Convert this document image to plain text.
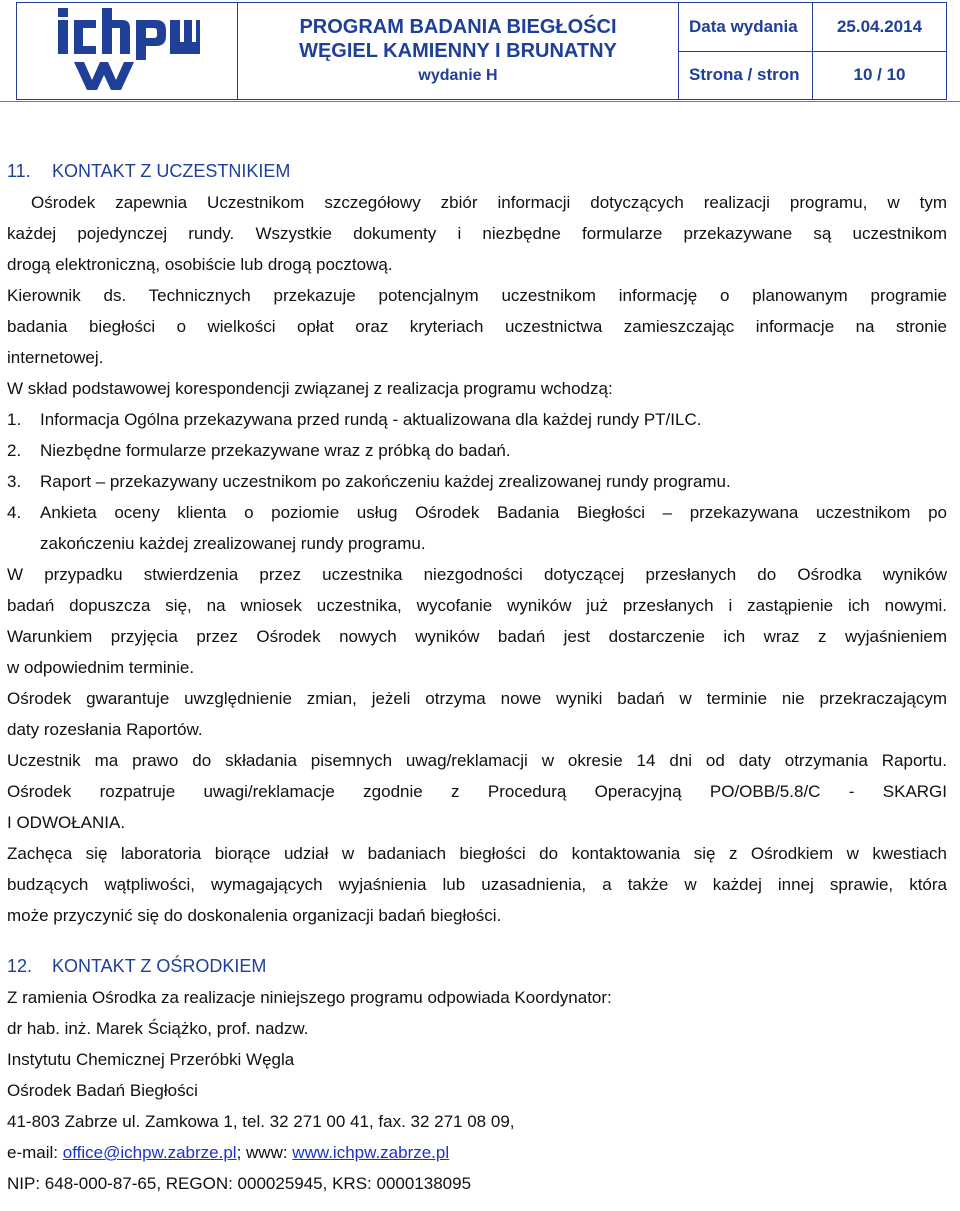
PROGRAM BADANIA BIEGŁOŚCI
WĘGIEL KAMIENNY I BRUNATNY
wydanie H	Data wydania	25.04.2014
		Strona / stron	10 / 10
11. KONTAKT Z UCZESTNIKIEM
Ośrodek zapewnia Uczestnikom szczegółowy zbiór informacji dotyczących realizacji programu, w tym
każdej pojedynczej rundy. Wszystkie dokumenty i niezbędne formularze przekazywane są uczestnikom
drogą elektroniczną, osobiście lub drogą pocztową.
Kierownik ds. Technicznych przekazuje potencjalnym uczestnikom informację o planowanym programie
badania biegłości o wielkości opłat oraz kryteriach uczestnictwa zamieszczając informacje na stronie
internetowej.
W skład podstawowej korespondencji związanej z realizacja programu wchodzą:
1. Informacja Ogólna przekazywana przed rundą - aktualizowana dla każdej rundy PT/ILC.
2. Niezbędne formularze przekazywane wraz z próbką do badań.
3. Raport – przekazywany uczestnikom po zakończeniu każdej zrealizowanej rundy programu.
4.	Ankieta oceny klienta o poziomie usług Ośrodek Badania Biegłości – przekazywana uczestnikom po
zakończeniu każdej zrealizowanej rundy programu.
W przypadku stwierdzenia przez uczestnika niezgodności dotyczącej przesłanych do Ośrodka wyników
badań dopuszcza się, na wniosek uczestnika, wycofanie wyników już przesłanych i zastąpienie ich nowymi.
Warunkiem przyjęcia przez Ośrodek nowych wyników badań jest dostarczenie ich wraz z wyjaśnieniem
w odpowiednim terminie.
Ośrodek gwarantuje uwzględnienie zmian, jeżeli otrzyma nowe wyniki badań w terminie nie przekraczającym
daty rozesłania Raportów.
Uczestnik ma prawo do składania pisemnych uwag/reklamacji w okresie 14 dni od daty otrzymania Raportu.
Ośrodek rozpatruje uwagi/reklamacje zgodnie z Procedurą Operacyjną PO/OBB/5.8/C - SKARGI
I ODWOŁANIA.
Zachęca się laboratoria biorące udział w badaniach biegłości do kontaktowania się z Ośrodkiem w kwestiach
budzących wątpliwości, wymagających wyjaśnienia lub uzasadnienia, a także w każdej innej sprawie, która
może przyczynić się do doskonalenia organizacji badań biegłości.
12. KONTAKT Z OŚRODKIEM
Z ramienia Ośrodka za realizacje niniejszego programu odpowiada Koordynator:
dr hab. inż. Marek Ściążko, prof. nadzw.
Instytutu Chemicznej Przeróbki Węgla
Ośrodek Badań Biegłości
41-803 Zabrze ul. Zamkowa 1, tel. 32 271 00 41, fax. 32 271 08 09,
e-mail: office@ichpw.zabrze.pl; www: www.ichpw.zabrze.pl
NIP: 648-000-87-65, REGON: 000025945, KRS: 0000138095
